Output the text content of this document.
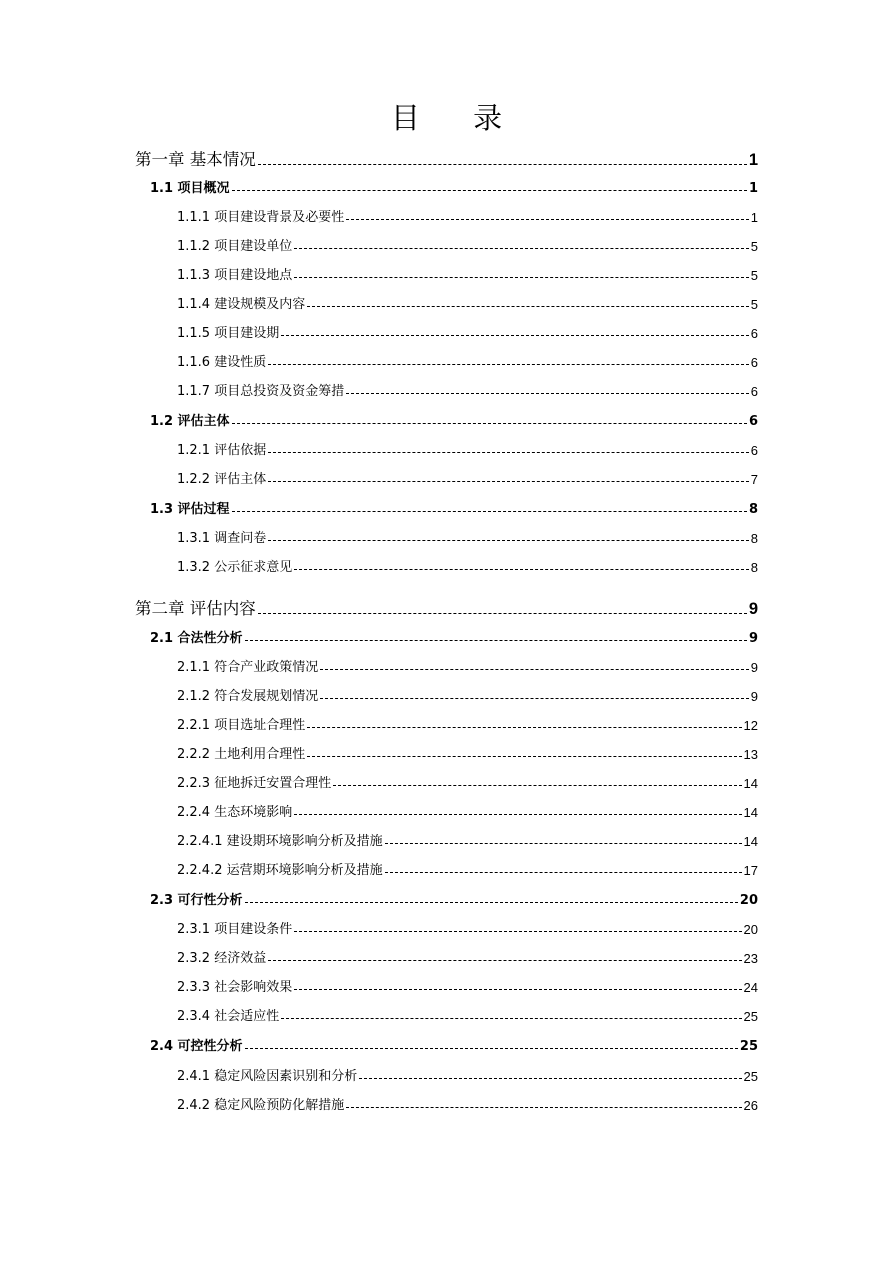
目 录
第一章 基本情况	1
1.1 项目概况	1
1.1.1 项目建设背景及必要性	1
1.1.2 项目建设单位	5
1.1.3 项目建设地点	5
1.1.4 建设规模及内容	5
1.1.5 项目建设期	6
1.1.6 建设性质	6
1.1.7 项目总投资及资金筹措	6
1.2 评估主体	6
1.2.1 评估依据	6
1.2.2 评估主体	7
1.3 评估过程	8
1.3.1 调查问卷	8
1.3.2 公示征求意见	8
第二章 评估内容	9
2.1 合法性分析	9
2.1.1 符合产业政策情况	9
2.1.2 符合发展规划情况	9
2.2.1 项目选址合理性	12
2.2.2 土地利用合理性	13
2.2.3 征地拆迁安置合理性	14
2.2.4 生态环境影响	14
2.2.4.1 建设期环境影响分析及措施	14
2.2.4.2 运营期环境影响分析及措施	17
2.3 可行性分析	20
2.3.1 项目建设条件	20
2.3.2 经济效益	23
2.3.3 社会影响效果	24
2.3.4 社会适应性	25
2.4 可控性分析	25
2.4.1 稳定风险因素识别和分析	25
2.4.2 稳定风险预防化解措施	26
